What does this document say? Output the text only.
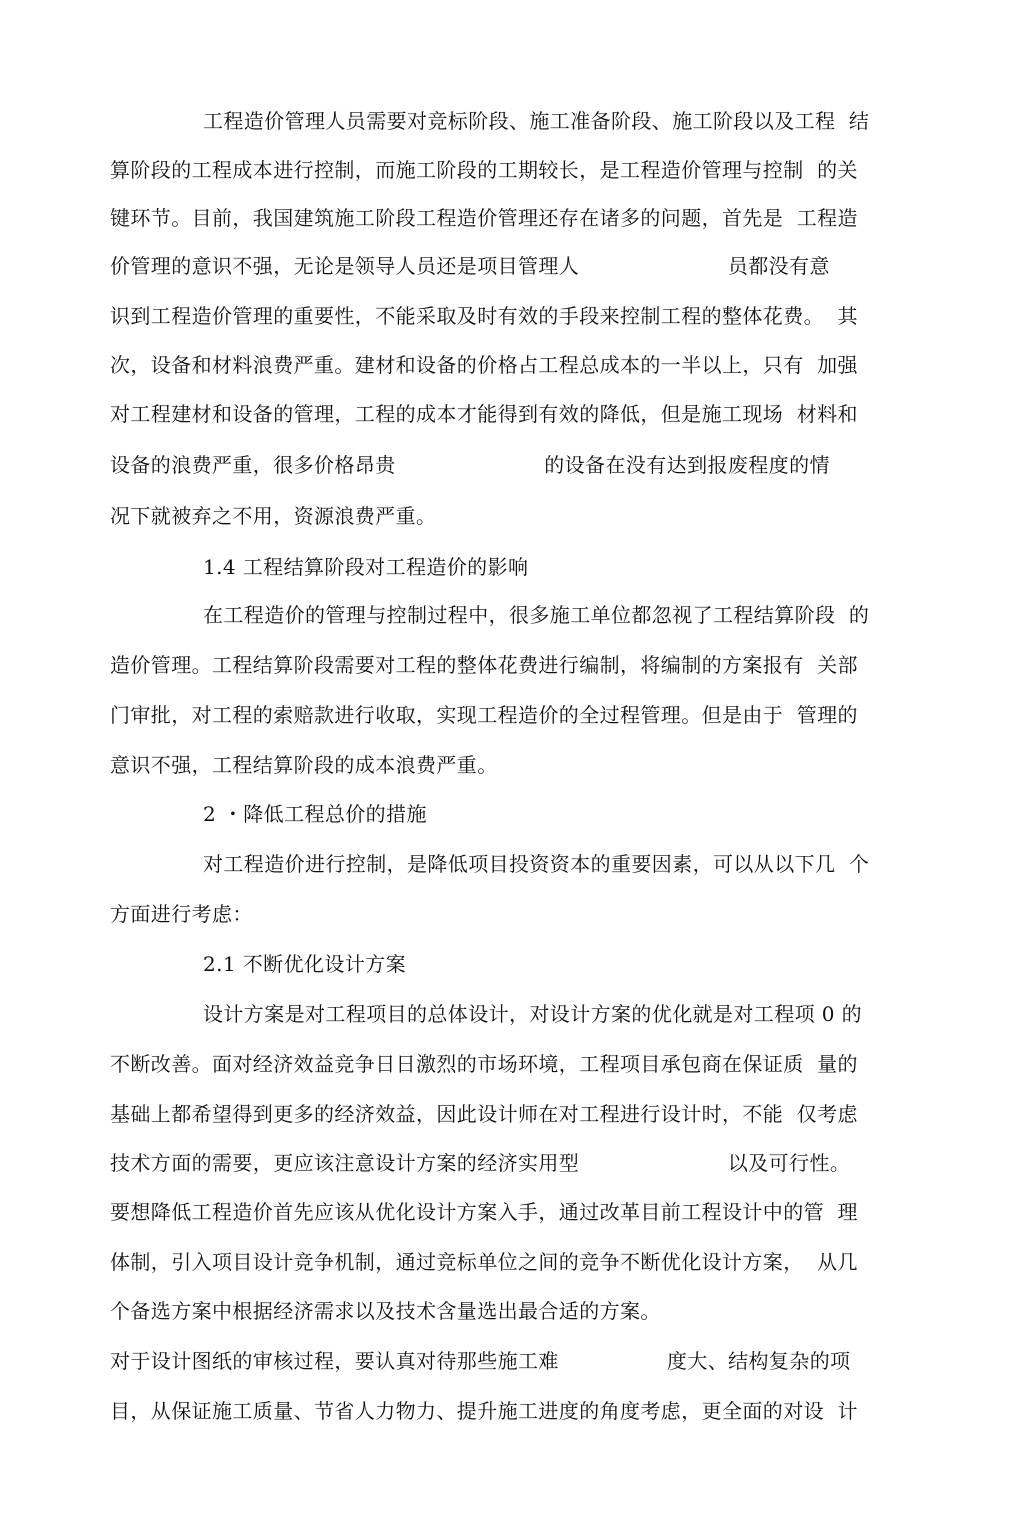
工程造价管理人员需要对竞标阶段、施工准备阶段、施工阶段以及工程  结
算阶段的工程成本进行控制，而施工阶段的工期较长，是工程造价管理与控制  的关
键环节。目前，我国建筑施工阶段工程造价管理还存在诸多的问题，首先是  工程造
价管理的意识不强，无论是领导人员还是项目管理人                      员都没有意
识到工程造价管理的重要性，不能采取及时有效的手段来控制工程的整体花费。  其
次，设备和材料浪费严重。建材和设备的价格占工程总成本的一半以上，只有  加强
对工程建材和设备的管理，工程的成本才能得到有效的降低，但是施工现场  材料和
设备的浪费严重，很多价格昂贵                      的设备在没有达到报废程度的情
况下就被弃之不用，资源浪费严重。
1.4 工程结算阶段对工程造价的影响
在工程造价的管理与控制过程中，很多施工单位都忽视了工程结算阶段  的
造价管理。工程结算阶段需要对工程的整体花费进行编制，将编制的方案报有  关部
门审批，对工程的索赔款进行收取，实现工程造价的全过程管理。但是由于  管理的
意识不强，工程结算阶段的成本浪费严重。
2 ・降低工程总价的措施
对工程造价进行控制，是降低项目投资资本的重要因素，可以从以下几  个
方面进行考虑：
2.1 不断优化设计方案
设计方案是对工程项目的总体设计，对设计方案的优化就是对工程项 0 的
不断改善。面对经济效益竞争日日激烈的市场环境，工程项目承包商在保证质  量的
基础上都希望得到更多的经济效益，因此设计师在对工程进行设计时，不能  仅考虑
技术方面的需要，更应该注意设计方案的经济实用型                      以及可行性。
要想降低工程造价首先应该从优化设计方案入手，通过改革目前工程设计中的管  理
体制，引入项目设计竞争机制，通过竞标单位之间的竞争不断优化设计方案，  从几
个备选方案中根据经济需求以及技术含量选出最合适的方案。
对于设计图纸的审核过程，要认真对待那些施工难                度大、结构复杂的项
目，从保证施工质量、节省人力物力、提升施工进度的角度考虑，更全面的对设  计
